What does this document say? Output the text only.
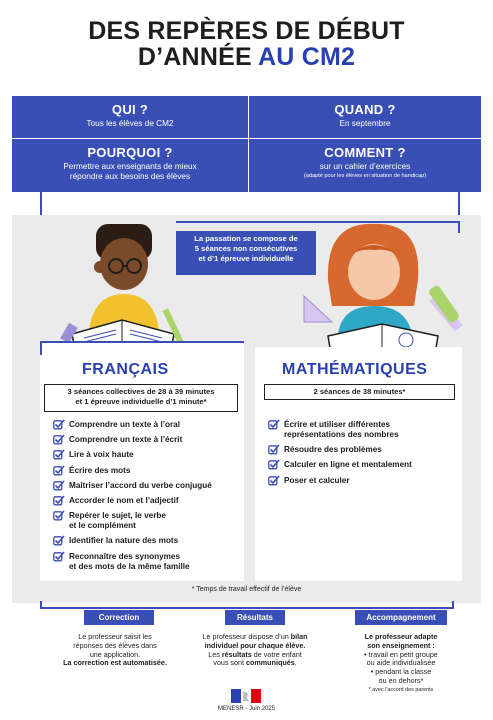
DES REPÈRES DE DÉBUT
D’ANNÉE AU CM2
QUI ?
Tous les élèves de CM2
QUAND ?
En septembre
POURQUOI ?
Permettre aux enseignants de mieux
répondre aux besoins des élèves
COMMENT ?
sur un cahier d’exercices
(adapté pour les élèves en situation de handicap)
La passation se compose de
5 séances non consécutives
et d’1 épreuve individuelle
FRANÇAIS
3 séances collectives de 28 à 39 minutes
et 1 épreuve individuelle d’1 minute*
Comprendre un texte à l’oral
Comprendre un texte à l’écrit
Lire à voix haute
Écrire des mots
Maîtriser l’accord du verbe conjugué
Accorder le nom et l’adjectif
Repérer le sujet, le verbe
et le complément
Identifier la nature des mots
Reconnaître des synonymes
et des mots de la même famille
MATHÉMATIQUES
2 séances de 38 minutes*
Écrire et utiliser différentes
représentations des nombres
Résoudre des problèmes
Calculer en ligne et mentalement
Poser et calculer
* Temps de travail effectif de l’élève
Correction	Résultats	Accompagnement
Le professeur saisit les
réponses des élèves dans
une application.
La correction est automatisée.
Le professeur dispose d’un bilan
individuel pour chaque élève.
Les résultats de votre enfant
vous sont communiqués.
Le professeur adapte
son enseignement :
• travail en petit groupe
ou aide individualisée
• pendant la classe
ou en dehors*
* avec l’accord des parents
MENESR - Juin 2025
